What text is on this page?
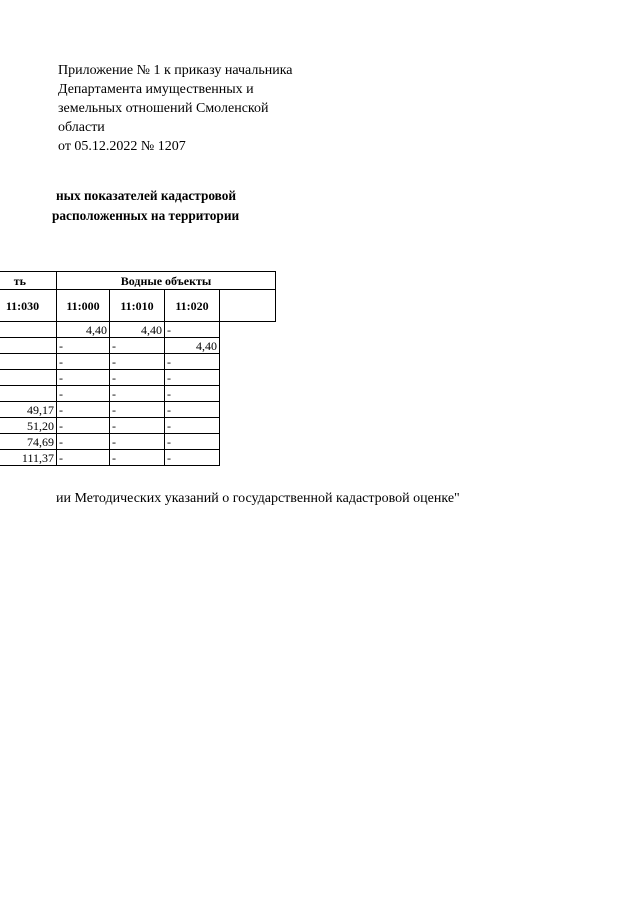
Приложение № 1 к приказу начальника
Департамента имущественных и
земельных отношений Смоленской
области
от 05.12.2022 № 1207
ных показателей кадастровой
расположенных на территории
ть	Водные объекты			
11:030	11:000	11:010	11:020	
	4,40	4,40	-	
	-	-	4,40	
	-	-	-	
	-	-	-	
	-	-	-	
49,17	-	-	-	
51,20	-	-	-	
74,69	-	-	-	
111,37	-	-	-	
ии Методических указаний о государственной кадастровой оценке"
